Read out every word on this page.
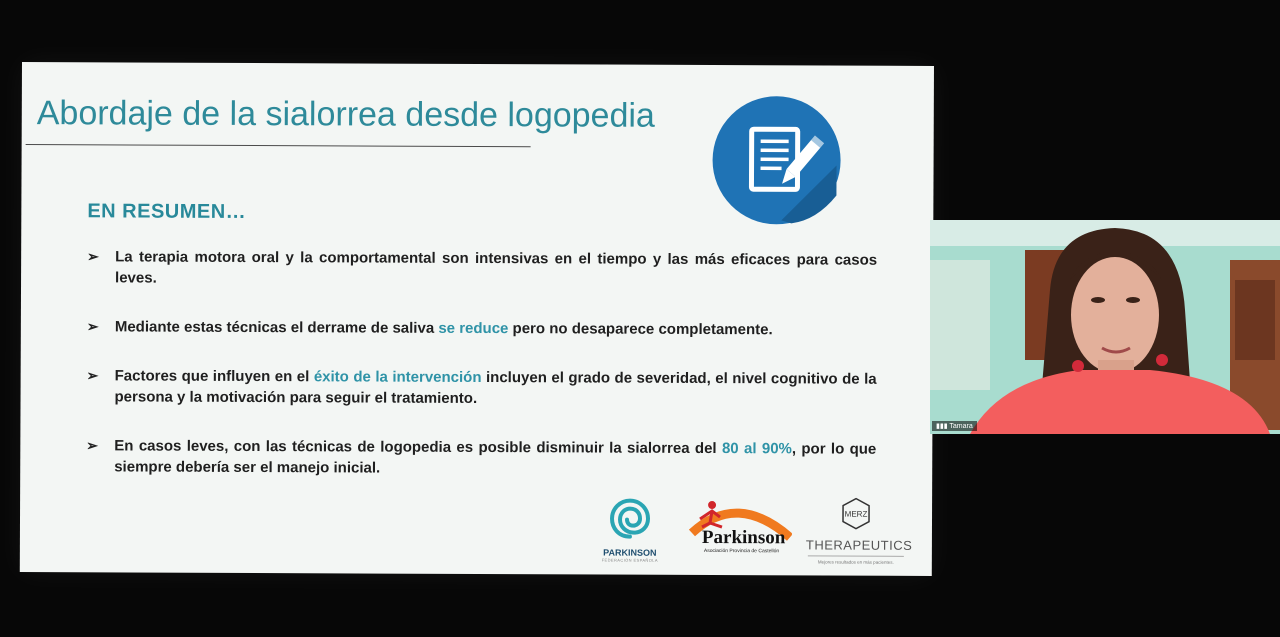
Abordaje de la sialorrea desde logopedia
EN RESUMEN…
➢ La terapia motora oral y la comportamental son intensivas en el tiempo y las más eficaces para casos leves.
➢ Mediante estas técnicas el derrame de saliva se reduce pero no desaparece completamente.
➢ Factores que influyen en el éxito de la intervención incluyen el grado de severidad, el nivel cognitivo de la persona y la motivación para seguir el tratamiento.
➢ En casos leves, con las técnicas de logopedia es posible disminuir la sialorrea del 80 al 90%, por lo que siempre debería ser el manejo inicial.
PARKINSON
FEDERACIÓN ESPAÑOLA
Parkinson
Asociación Provincia de Castellón
MERZ
THERAPEUTICS
Mejores resultados en más pacientes.
▮▮▮ Tamara
